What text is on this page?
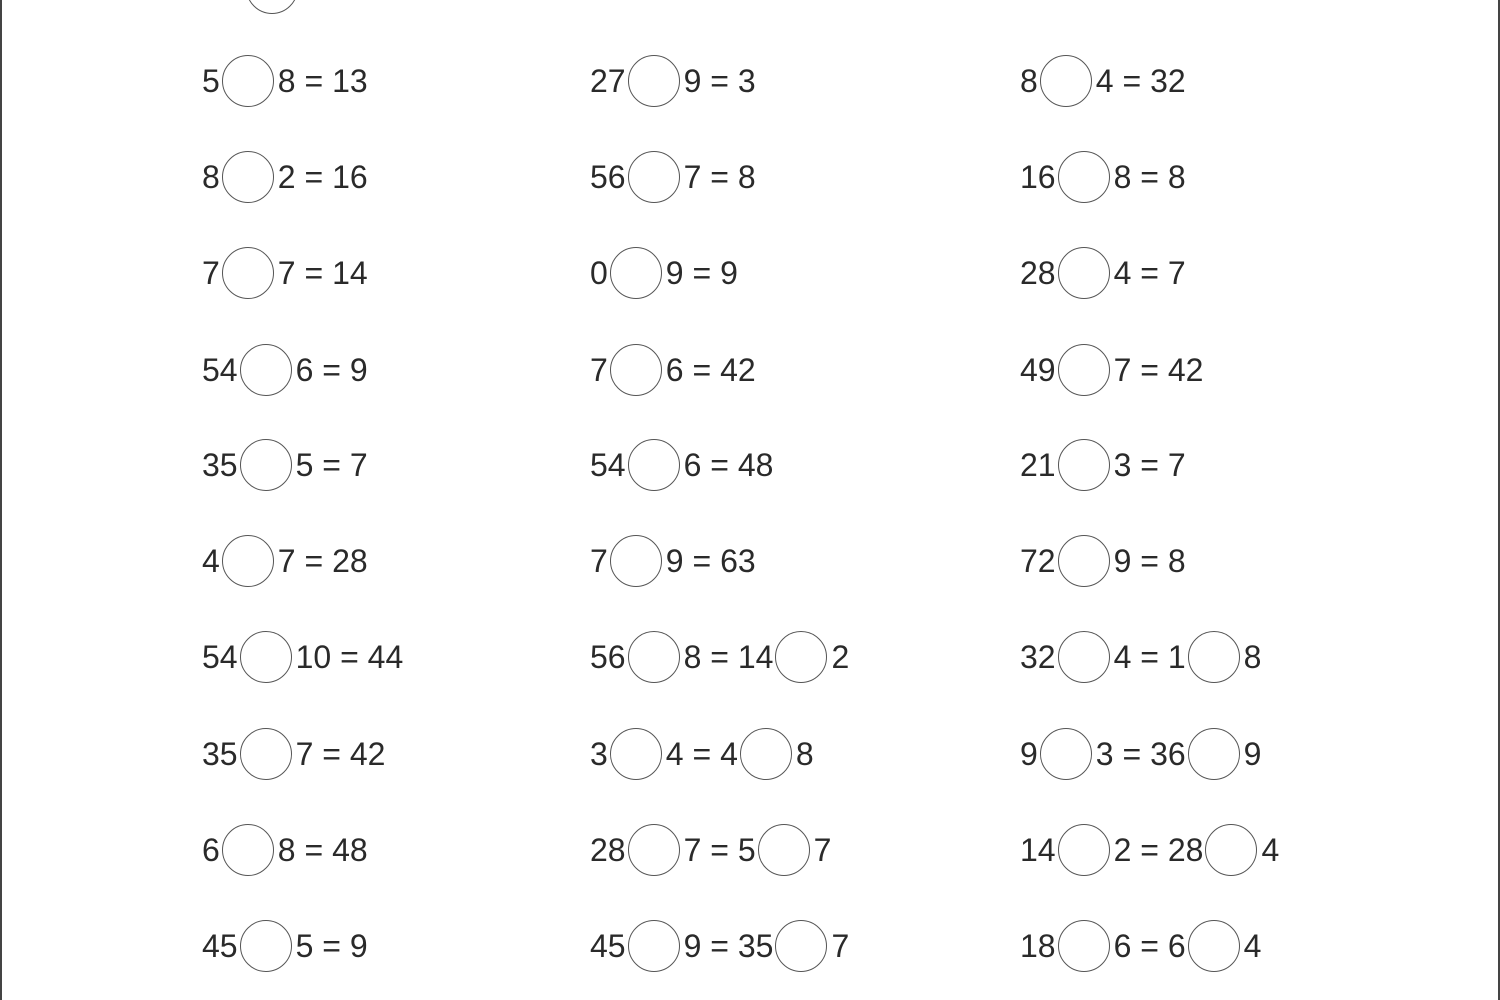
5 8 = 13	27 9 = 3	8 4 = 32
8 2 = 16	56 7 = 8	16 8 = 8
7 7 = 14	0 9 = 9	28 4 = 7
54 6 = 9	7 6 = 42	49 7 = 42
35 5 = 7	54 6 = 48	21 3 = 7
4 7 = 28	7 9 = 63	72 9 = 8
54 10 = 44	56 8 = 14 2	32 4 = 1 8
35 7 = 42	3 4 = 4 8	9 3 = 36 9
6 8 = 48	28 7 = 5 7	14 2 = 28 4
45 5 = 9	45 9 = 35 7	18 6 = 6 4
